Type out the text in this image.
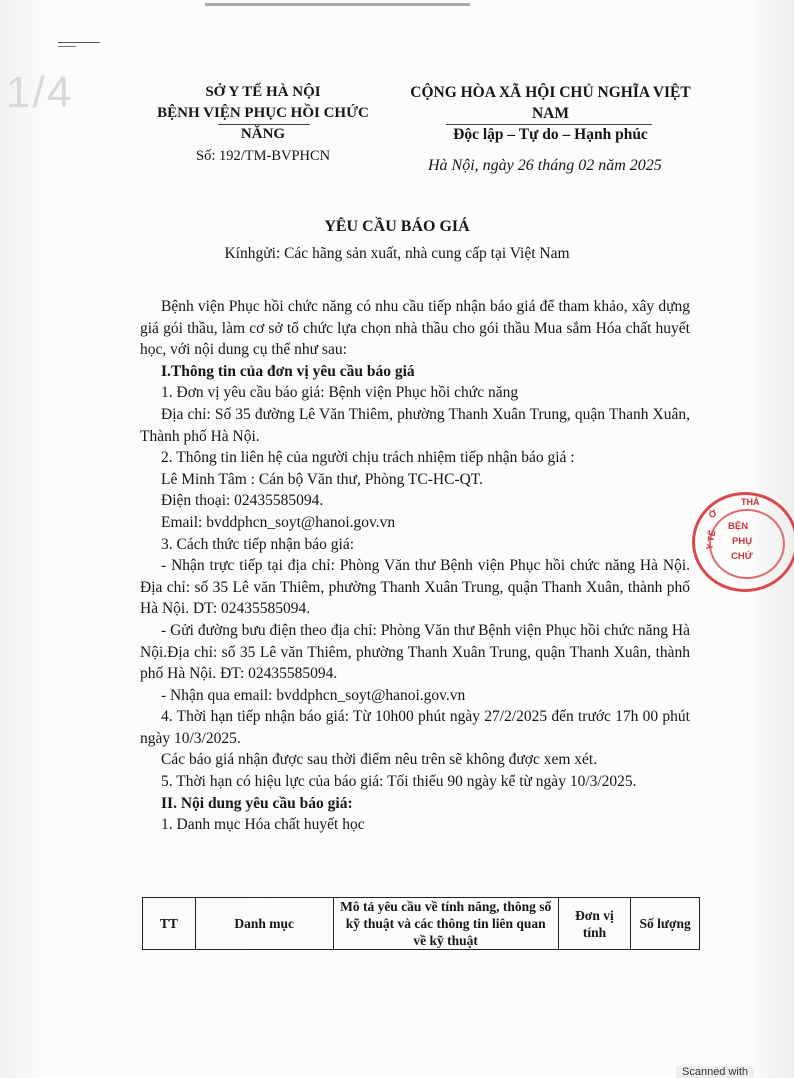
1/4	SỞ Y TẾ HÀ NỘI
BỆNH VIỆN PHỤC HỒI CHỨC NĂNG
CỘNG HÒA XÃ HỘI CHỦ NGHĨA VIỆT NAM
Độc lập – Tự do – Hạnh phúc
Số: 192/TM-BVPHCN
Hà Nội, ngày 26 tháng 02 năm 2025
YÊU CẦU BÁO GIÁ
Kínhgửi: Các hãng sản xuất, nhà cung cấp tại Việt Nam

Bệnh viện Phục hồi chức năng có nhu cầu tiếp nhận báo giá để tham khảo, xây dựng giá gói thầu, làm cơ sở tổ chức lựa chọn nhà thầu cho gói thầu Mua sắm Hóa chất huyết học, với nội dung cụ thể như sau:

I.Thông tin của đơn vị yêu cầu báo giá

1. Đơn vị yêu cầu báo giá: Bệnh viện Phục hồi chức năng

Địa chỉ: Số 35 đường Lê Văn Thiêm, phường Thanh Xuân Trung, quận Thanh Xuân, Thành phố Hà Nội.

2. Thông tin liên hệ của người chịu trách nhiệm tiếp nhận báo giá :

Lê Minh Tâm : Cán bộ Văn thư, Phòng TC-HC-QT.

Điện thoại: 02435585094.

Email: bvddphcn_soyt@hanoi.gov.vn

3. Cách thức tiếp nhận báo giá:

- Nhận trực tiếp tại địa chỉ: Phòng Văn thư Bệnh viện Phục hồi chức năng Hà Nội. Địa chỉ: số 35 Lê văn Thiêm, phường Thanh Xuân Trung, quận Thanh Xuân, thành phố Hà Nội. DT: 02435585094.

- Gửi đường bưu điện theo địa chỉ: Phòng Văn thư Bệnh viện Phục hồi chức năng Hà Nội.Địa chỉ: số 35 Lê văn Thiêm, phường Thanh Xuân Trung, quận Thanh Xuân, thành phố Hà Nội. ĐT: 02435585094.

- Nhận qua email: bvddphcn_soyt@hanoi.gov.vn

4. Thời hạn tiếp nhận báo giá: Từ 10h00 phút ngày 27/2/2025 đến trước 17h 00 phút ngày 10/3/2025.

Các báo giá nhận được sau thời điểm nêu trên sẽ không được xem xét.

5. Thời hạn có hiệu lực của báo giá: Tối thiểu 90 ngày kể từ ngày 10/3/2025.

II. Nội dung yêu cầu báo giá:

1. Danh mục Hóa chất huyết học

TT	Danh mục	Mô tả yêu cầu về tính năng, thông số kỹ thuật và các thông tin liên quan về kỹ thuật	Đơn vị tính	Số lượng
THÀ
Ở
Y TẾ
BỆN
PHỤ
CHỨ
Scanned with
